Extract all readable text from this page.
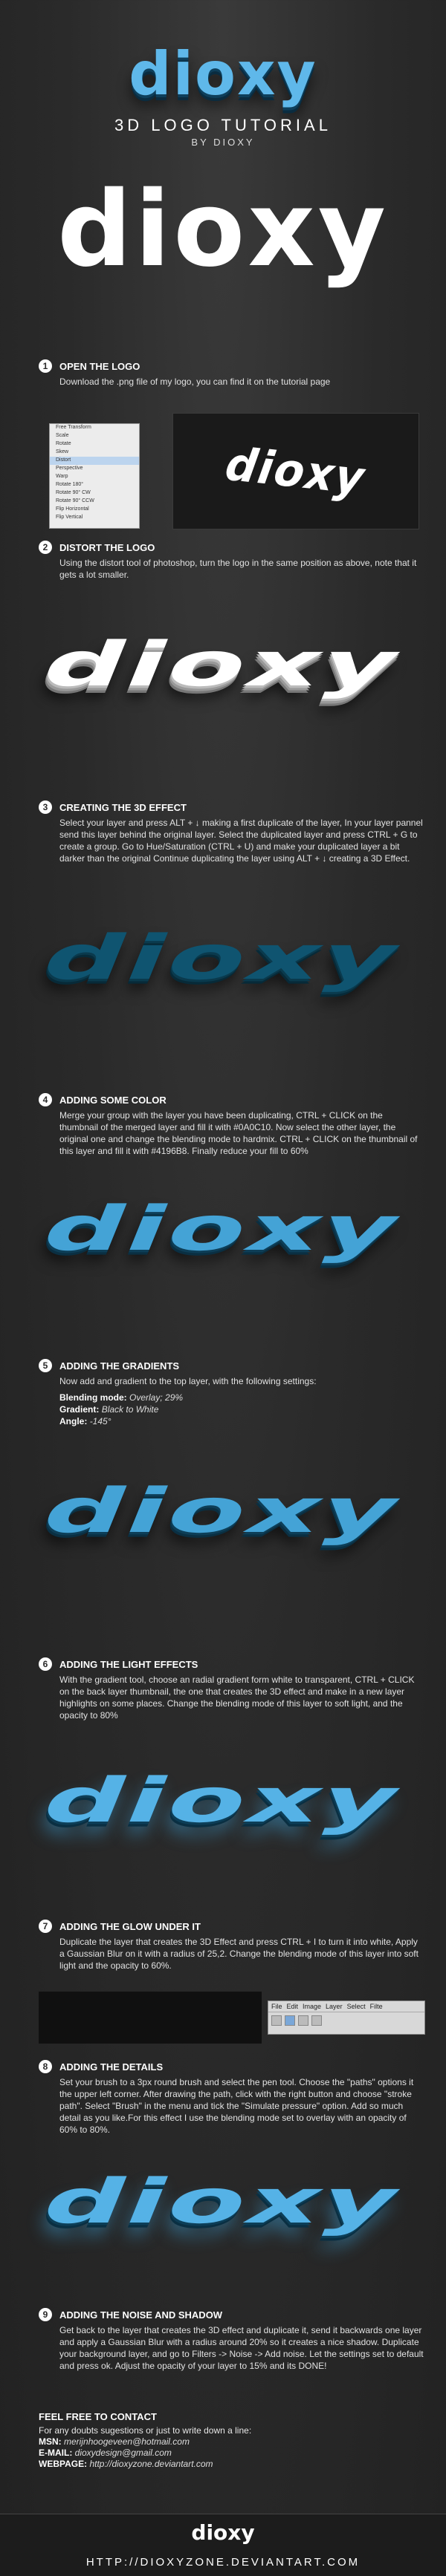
dioxy
3D LOGO TUTORIAL
BY DIOXY
dioxy
1	OPEN THE LOGO
Download the .png file of my logo, you can find it on the tutorial page
Free Transform
Scale
Rotate
Skew
Distort
Perspective
Warp
Rotate 180°
Rotate 90° CW
Rotate 90° CCW
Flip Horizontal
Flip Vertical
dioxy
2	DISTORT THE LOGO
Using the distort tool of photoshop, turn the logo in the same position as above, note that it gets a lot smaller.
dioxy
3	CREATING THE 3D EFFECT
Select your layer and press ALT + ↓ making a first duplicate of the layer, In your layer pannel send this layer behind the original layer. Select the duplicated layer and press CTRL + G to create a group. Go to Hue/Saturation (CTRL + U) and make your duplicated layer a bit darker than the original Continue duplicating the layer using ALT + ↓ creating a 3D Effect.
dioxy
4	ADDING SOME COLOR
Merge your group with the layer you have been duplicating, CTRL + CLICK on the thumbnail of the merged layer and fill it with #0A0C10. Now select the other layer, the original one and change the blending mode to hardmix. CTRL + CLICK on the thumbnail of this layer and fill it with #4196B8. Finally reduce your fill to 60%
dioxy
5	ADDING THE GRADIENTS
Now add and gradient to the top layer, with the following settings:
Blending mode: Overlay; 29%
Gradient: Black to White
Angle: -145°
dioxy
6	ADDING THE LIGHT EFFECTS
With the gradient tool, choose an radial gradient form white to transparent, CTRL + CLICK on the back layer thumbnail, the one that creates the 3D effect and make in a new layer highlights on some places. Change the blending mode of this layer to soft light, and the opacity to 80%
dioxy
7	ADDING THE GLOW UNDER IT
Duplicate the layer that creates the 3D Effect and press CTRL + I to turn it into white, Apply a Gaussian Blur on it with a radius of 25,2. Change the blending mode of this layer into soft light and the opacity to 60%.
File Edit Image Layer Select Filte
8	ADDING THE DETAILS
Set your brush to a 3px round brush and select the pen tool. Choose the "paths" options it the upper left corner. After drawing the path, click with the right button and choose "stroke path". Select "Brush" in the menu and tick the "Simulate pressure" option. Add so much detail as you like.For this effect I use the blending mode set to overlay with an opacity of 60% to 80%.
dioxy
9	ADDING THE NOISE AND SHADOW
Get back to the layer that creates the 3D effect and duplicate it, send it backwards one layer and apply a Gaussian Blur with a radius around 20% so it creates a nice shadow. Duplicate your background layer, and go to Filters -> Noise -> Add noise. Let the settings set to default and press ok. Adjust the opacity of your layer to 15% and its DONE!
FEEL FREE TO CONTACT
For any doubts sugestions or just to write down a line:
MSN: merijnhoogeveen@hotmail.com
E-MAIL: dioxydesign@gmail.com
WEBPAGE: http://dioxyzone.deviantart.com
dioxy
HTTP://DIOXYZONE.DEVIANTART.COM
